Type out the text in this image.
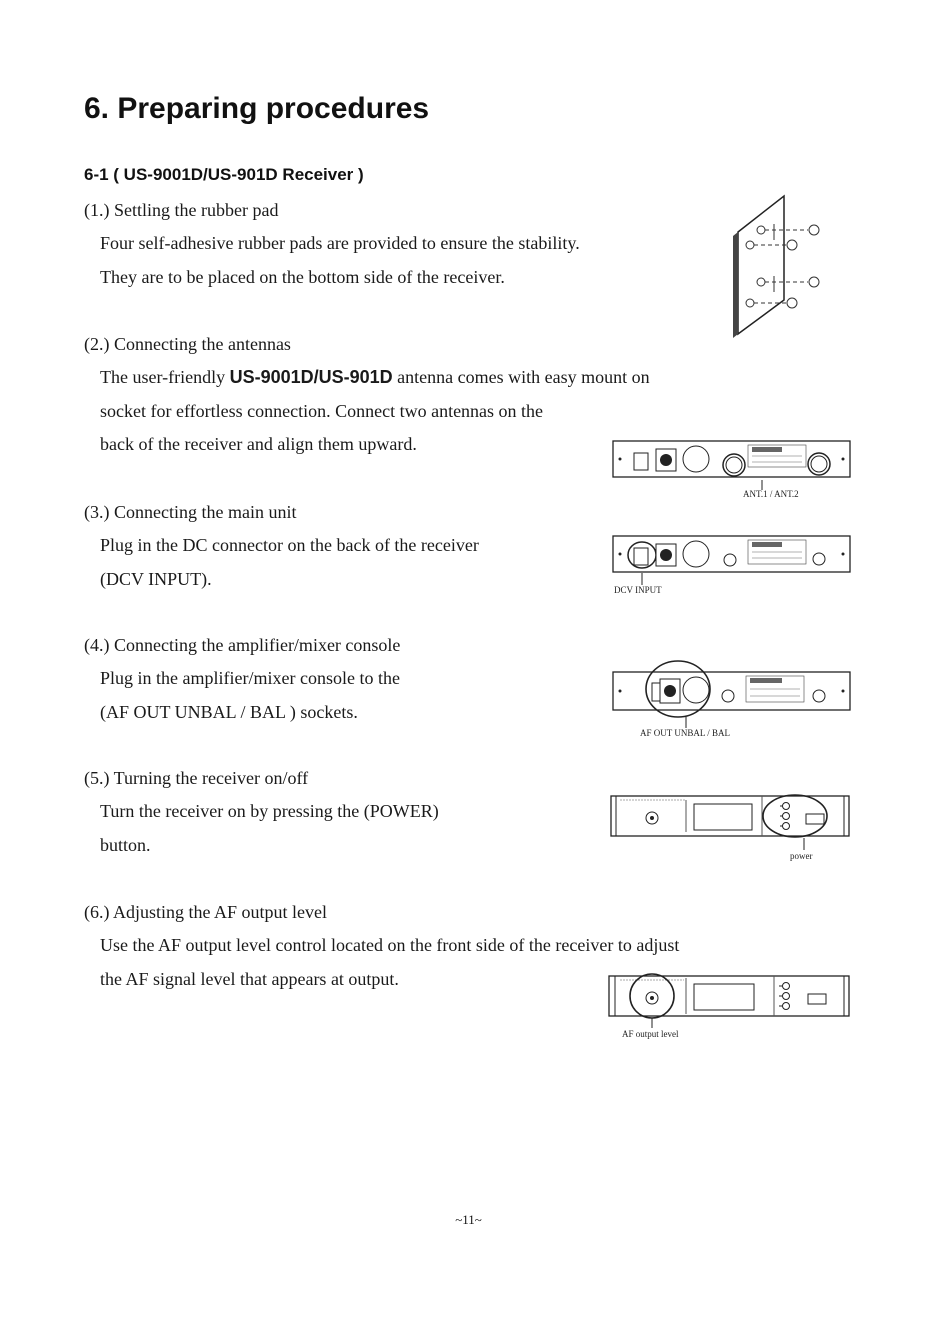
6. Preparing procedures
6-1 ( US-9001D/US-901D Receiver )
(1.) Settling the rubber pad
Four self-adhesive rubber pads are provided to ensure the stability.
They are to be placed on the bottom side of the receiver.
(2.) Connecting the antennas
The user-friendly US-9001D/US-901D antenna comes with easy mount on
socket for effortless connection. Connect two antennas on the
back of the receiver and align them upward.
ANT.1 / ANT.2
(3.) Connecting the main unit
Plug in the DC connector on the back of the receiver
(DCV INPUT).
DCV INPUT
(4.) Connecting the amplifier/mixer console
Plug in the amplifier/mixer console to the
(AF OUT UNBAL / BAL ) sockets.
AF OUT UNBAL / BAL
(5.) Turning the receiver on/off
Turn the receiver on by pressing the (POWER)
button.
power
(6.) Adjusting the AF output level
Use the AF output level control located on the front side of the receiver to adjust
the AF signal level that appears at output.
AF output level
~11~
